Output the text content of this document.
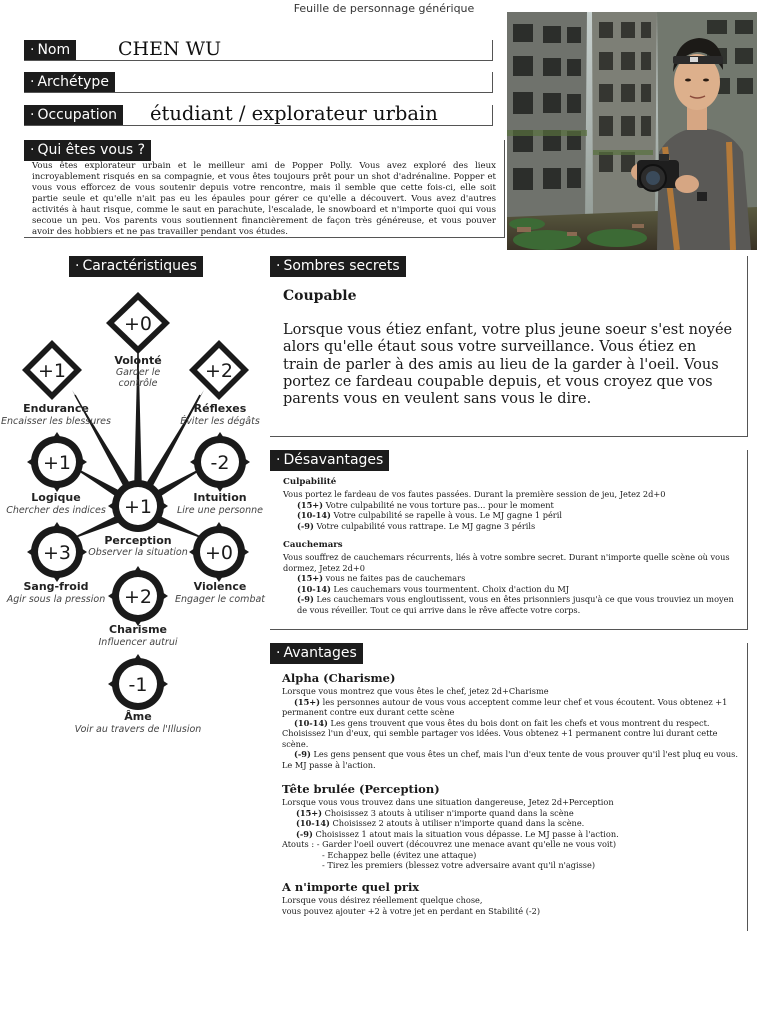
Feuille de personnage générique
· Nom	CHEN WU
· Archétype
· Occupation	étudiant / explorateur urbain
· Qui êtes vous ?
Vous êtes explorateur urbain et le meilleur ami de Popper Polly. Vous avez exploré des lieux incroyablement risqués en sa compagnie, et vous êtes toujours prêt pour un shot d'adrénaline. Popper et vous vous efforcez de vous soutenir depuis votre rencontre, mais il semble que cette fois-ci, elle soit partie seule et qu'elle n'ait pas eu les épaules pour gérer ce qu'elle a découvert. Vous avez d'autres activités à haut risque, comme le saut en parachute, l'escalade, le snowboard et n'importe quoi qui vous secoue un peu. Vos parents vous soutiennent financièrement de façon très généreuse, et vous pouver avoir des hobbiers et ne pas travailler pendant vos études.
· Caractéristiques
+0
+1	+2
+1	-2
+1
+3	+0
+2
-1
Volonté
Garder le contrôle
Endurance
Encaisser les blessures
Réflexes
Éviter les dégâts
Logique
Chercher des indices
Intuition
Lire une personne
Perception
Observer la situation
Sang-froid
Agir sous la pression
Violence
Engager le combat
Charisme
Influencer autrui
Âme
Voir au travers de l'Illusion
· Sombres secrets
Coupable
Lorsque vous étiez enfant, votre plus jeune soeur s'est noyée alors qu'elle étaut sous votre surveillance. Vous étiez en train de parler à des amis au lieu de la garder à l'oeil. Vous portez ce fardeau coupable depuis, et vous croyez que vos parents vous en veulent sans vous le dire.
· Désavantages
Culpabilité
Vous portez le fardeau de vos fautes passées. Durant la première session de jeu, Jetez 2d+0
(15+) Votre culpabilité ne vous torture pas... pour le moment
(10-14) Votre culpabilité se rapelle à vous. Le MJ gagne 1 péril
(-9) Votre culpabilité vous rattrape. Le MJ gagne 3 périls
Cauchemars
Vous souffrez de cauchemars récurrents, liés à votre sombre secret. Durant n'importe quelle scène où vous dormez, Jetez 2d+0
(15+) vous ne faites pas de cauchemars
(10-14) Les cauchemars vous tourmentent. Choix d'action du MJ
(-9) Les cauchemars vous engloutissent, vous en êtes prisonniers jusqu'à ce que vous trouviez un moyen de vous réveiller. Tout ce qui arrive dans le rêve affecte votre corps.
· Avantages
Alpha (Charisme)
Lorsque vous montrez que vous êtes le chef, jetez 2d+Charisme
(15+) les personnes autour de vous vous acceptent comme leur chef et vous écoutent. Vous obtenez +1 permanent contre eux durant cette scène
(10-14) Les gens trouvent que vous êtes du bois dont on fait les chefs et vous montrent du respect. Choisissez l'un d'eux, qui semble partager vos idées. Vous obtenez +1 permanent contre lui durant cette scène.
(-9) Les gens pensent que vous êtes un chef, mais l'un d'eux tente de vous prouver qu'il l'est pluq eu vous. Le MJ passe à l'action.
Tête brulée (Perception)
Lorsque vous vous trouvez dans une situation dangereuse, Jetez 2d+Perception
(15+) Choisissez 3 atouts à utiliser n'importe quand dans la scène
(10-14) Choisissez 2 atouts à utiliser n'importe quand dans la scène.
(-9) Choisissez 1 atout mais la situation vous dépasse. Le MJ passe à l'action.
Atouts : - Garder l'oeil ouvert (découvrez une menace avant qu'elle ne vous voit)
- Echappez belle (évitez une attaque)
- Tirez les premiers (blessez votre adversaire avant qu'il n'agisse)
A n'importe quel prix
Lorsque vous désirez réellement quelque chose,
vous pouvez ajouter +2 à votre jet en perdant en Stabilité (-2)
